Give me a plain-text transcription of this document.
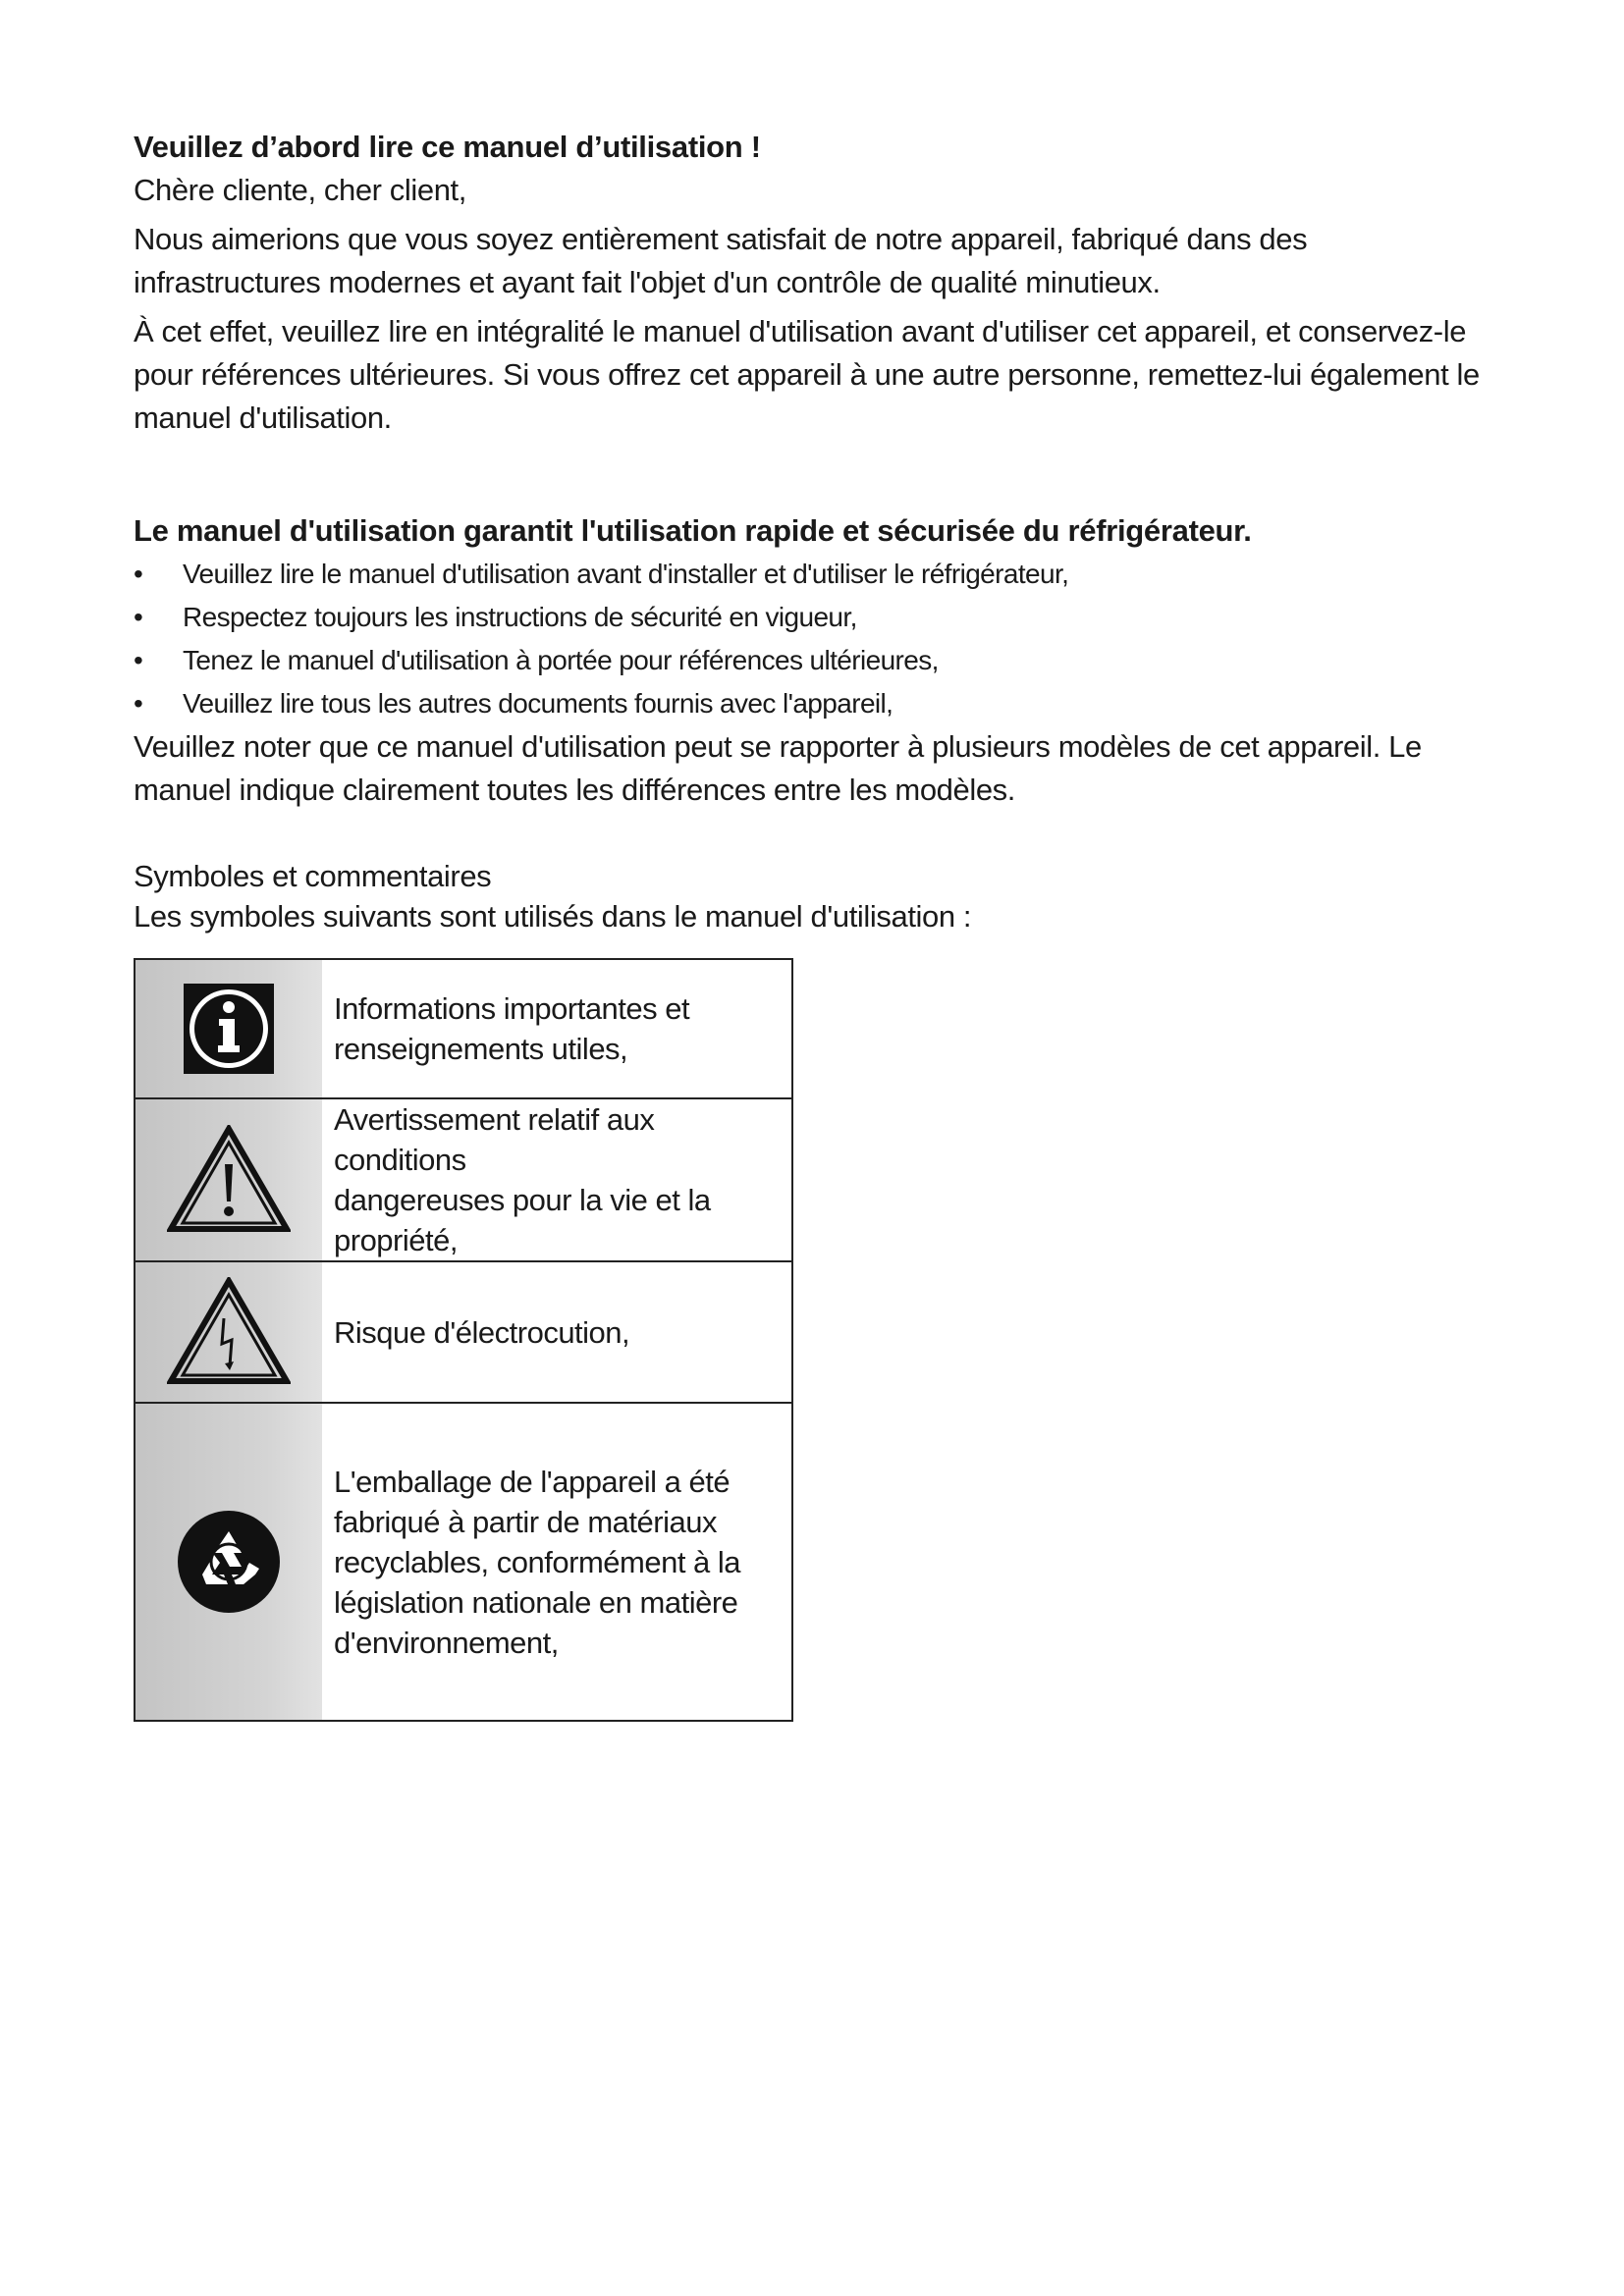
Veuillez d’abord lire ce manuel d’utilisation !

Chère cliente, cher client,

Nous aimerions que vous soyez entièrement satisfait de notre appareil, fabriqué dans des infrastructures modernes et ayant fait l'objet d'un contrôle de qualité minutieux.

À cet effet, veuillez lire en intégralité le manuel d'utilisation avant d'utiliser cet appareil, et conservez-le pour références ultérieures. Si vous offrez cet appareil à une autre personne, remettez-lui également le manuel d'utilisation.

Le manuel d'utilisation garantit l'utilisation rapide et sécurisée du réfrigérateur.

• Veuillez lire le manuel d'utilisation avant d'installer et d'utiliser le réfrigérateur,
• Respectez toujours les instructions de sécurité en vigueur,
• Tenez le manuel d'utilisation à portée pour références ultérieures,
• Veuillez lire tous les autres documents fournis avec l'appareil,

Veuillez noter que ce manuel d'utilisation peut se rapporter à plusieurs modèles de cet appareil. Le manuel indique clairement toutes les différences entre les modèles.

Symboles et commentaires

Les symboles suivants sont utilisés dans le manuel d'utilisation :

Informations importantes et
renseignements utiles,

Avertissement relatif aux conditions
dangereuses pour la vie et la
propriété,

Risque d'électrocution,

L'emballage de l'appareil a été
fabriqué à partir de matériaux
recyclables, conformément à la
législation nationale en matière
d'environnement,
